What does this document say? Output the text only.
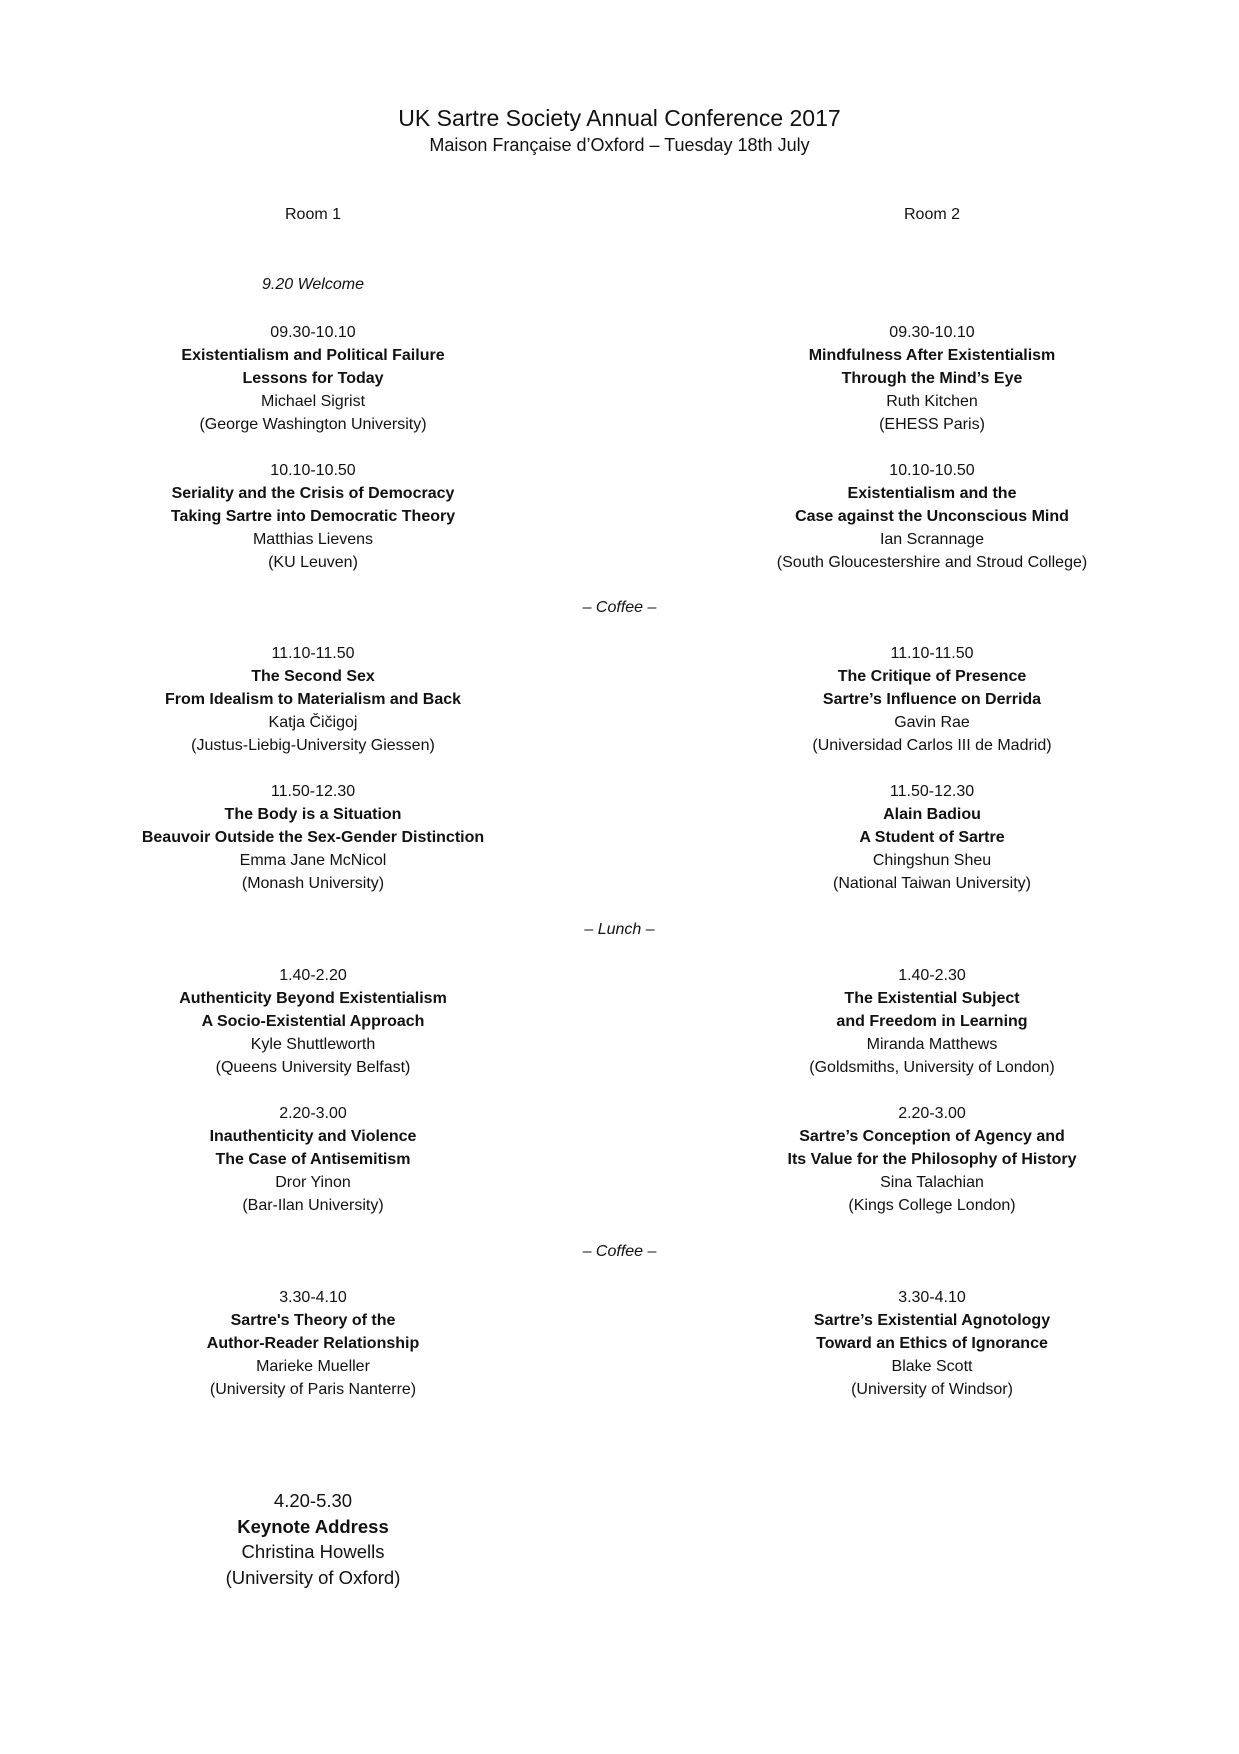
UK Sartre Society Annual Conference 2017
Maison Française d’Oxford – Tuesday 18th July
Room 1	Room 2
9.20 Welcome
09.30-10.10
Existentialism and Political Failure
Lessons for Today
Michael Sigrist
(George Washington University)
10.10-10.50
Seriality and the Crisis of Democracy
Taking Sartre into Democratic Theory
Matthias Lievens
(KU Leuven)
11.10-11.50
The Second Sex
From Idealism to Materialism and Back
Katja Čičigoj
(Justus-Liebig-University Giessen)
11.50-12.30
The Body is a Situation
Beauvoir Outside the Sex-Gender Distinction
Emma Jane McNicol
(Monash University)
1.40-2.20
Authenticity Beyond Existentialism
A Socio-Existential Approach
Kyle Shuttleworth
(Queens University Belfast)
2.20-3.00
Inauthenticity and Violence
The Case of Antisemitism
Dror Yinon
(Bar-Ilan University)
3.30-4.10
Sartre's Theory of the
Author-Reader Relationship
Marieke Mueller
(University of Paris Nanterre)
09.30-10.10
Mindfulness After Existentialism
Through the Mind’s Eye
Ruth Kitchen
(EHESS Paris)
10.10-10.50
Existentialism and the
Case against the Unconscious Mind
Ian Scrannage
(South Gloucestershire and Stroud College)
11.10-11.50
The Critique of Presence
Sartre’s Influence on Derrida
Gavin Rae
(Universidad Carlos III de Madrid)
11.50-12.30
Alain Badiou
A Student of Sartre
Chingshun Sheu
(National Taiwan University)
1.40-2.30
The Existential Subject
and Freedom in Learning
Miranda Matthews
(Goldsmiths, University of London)
2.20-3.00
Sartre’s Conception of Agency and
Its Value for the Philosophy of History
Sina Talachian
(Kings College London)
3.30-4.10
Sartre’s Existential Agnotology
Toward an Ethics of Ignorance
Blake Scott
(University of Windsor)
– Coffee –
– Lunch –
– Coffee –
4.20-5.30
Keynote Address
Christina Howells
(University of Oxford)
